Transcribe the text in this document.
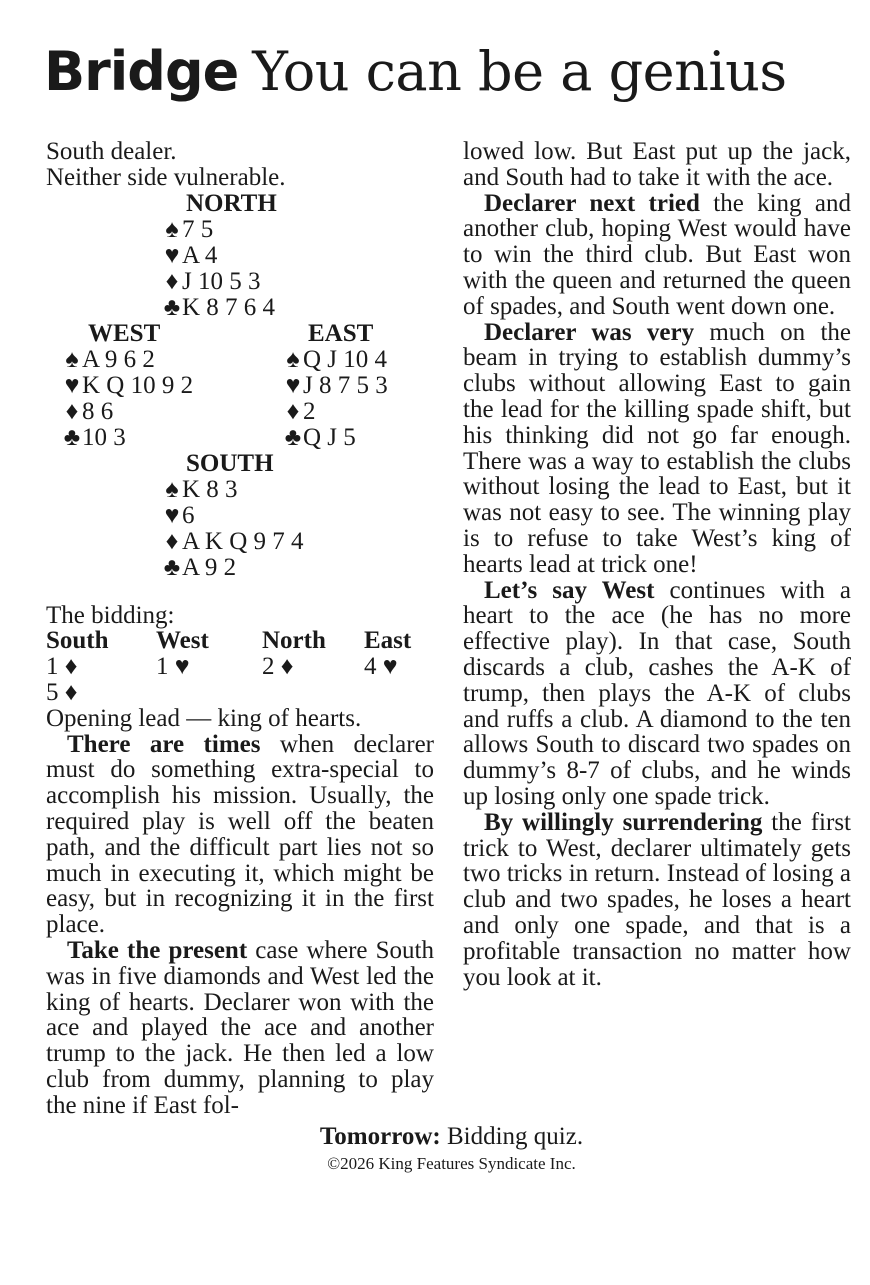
Bridge You can be a genius
South dealer.
Neither side vulnerable.
NORTH
♠ 7 5
♥ A 4
♦ J 10 5 3
♣K 8 7 6 4
WEST
♠ A 9 6 2
♥ K Q 10 9 2
♦ 8 6
♣10 3
EAST
♠ Q J 10 4
♥ J 8 7 5 3
♦ 2
♣Q J 5
SOUTH
♠ K 8 3
♥ 6
♦ A K Q 9 7 4
♣A 9 2
The bidding:
South	West	North	East
1 ♦	1 ♥	2 ♦	4 ♥
5 ♦			
Opening lead — king of hearts.

There are times when declarer must do something extra-special to accomplish his mission. Usually, the required play is well off the beaten path, and the difficult part lies not so much in executing it, which might be easy, but in recognizing it in the first place.

Take the present case where South was in five diamonds and West led the king of hearts. Declarer won with the ace and played the ace and another trump to the jack. He then led a low club from dummy, planning to play the nine if East fol-

lowed low. But East put up the jack, and South had to take it with the ace.

Declarer next tried the king and another club, hoping West would have to win the third club. But East won with the queen and returned the queen of spades, and South went down one.

Declarer was very much on the beam in trying to establish dummy’s clubs without allowing East to gain the lead for the killing spade shift, but his thinking did not go far enough. There was a way to establish the clubs without losing the lead to East, but it was not easy to see. The winning play is to refuse to take West’s king of hearts lead at trick one!

Let’s say West continues with a heart to the ace (he has no more effective play). In that case, South discards a club, cashes the A-K of trump, then plays the A-K of clubs and ruffs a club. A diamond to the ten allows South to discard two spades on dummy’s 8-7 of clubs, and he winds up losing only one spade trick.

By willingly surrendering the first trick to West, declarer ultimately gets two tricks in return. Instead of losing a club and two spades, he loses a heart and only one spade, and that is a profitable transaction no matter how you look at it.

Tomorrow: Bidding quiz.
©2026 King Features Syndicate Inc.
